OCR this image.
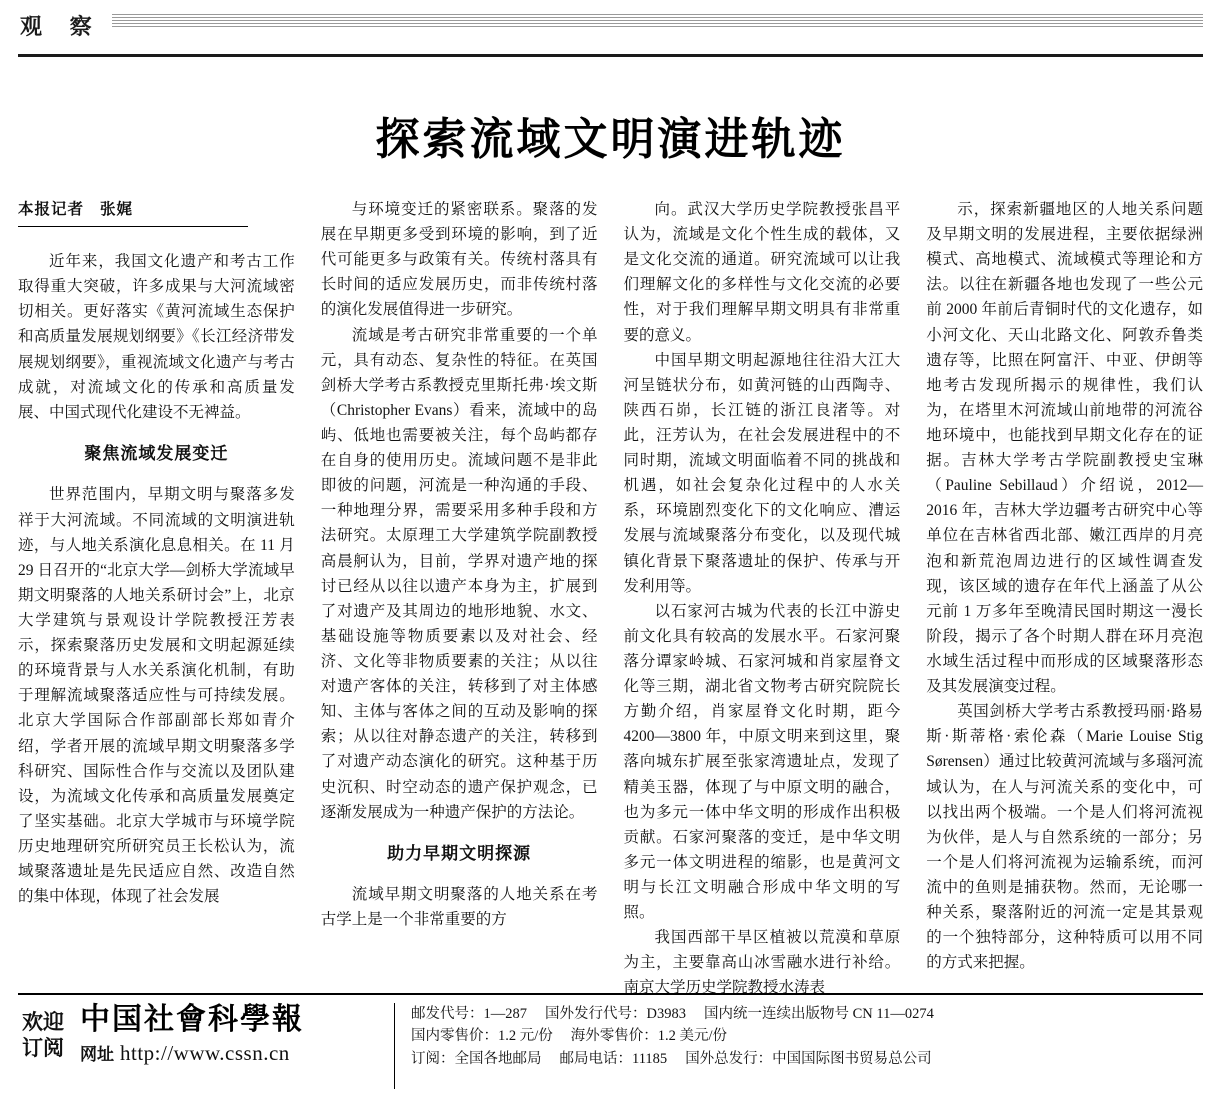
观 察
探索流域文明演进轨迹
本报记者 张娓

近年来，我国文化遗产和考古工作取得重大突破，许多成果与大河流域密切相关。更好落实《黄河流域生态保护和高质量发展规划纲要》《长江经济带发展规划纲要》，重视流域文化遗产与考古成就，对流域文化的传承和高质量发展、中国式现代化建设不无裨益。

聚焦流域发展变迁

世界范围内，早期文明与聚落多发祥于大河流域。不同流域的文明演进轨迹，与人地关系演化息息相关。在 11 月 29 日召开的“北京大学—剑桥大学流域早期文明聚落的人地关系研讨会”上，北京大学建筑与景观设计学院教授汪芳表示，探索聚落历史发展和文明起源延续的环境背景与人水关系演化机制，有助于理解流域聚落适应性与可持续发展。北京大学国际合作部副部长郑如青介绍，学者开展的流域早期文明聚落多学科研究、国际性合作与交流以及团队建设，为流域文化传承和高质量发展奠定了坚实基础。北京大学城市与环境学院历史地理研究所研究员王长松认为，流域聚落遗址是先民适应自然、改造自然的集中体现，体现了社会发展

与环境变迁的紧密联系。聚落的发展在早期更多受到环境的影响，到了近代可能更多与政策有关。传统村落具有长时间的适应发展历史，而非传统村落的演化发展值得进一步研究。

流域是考古研究非常重要的一个单元，具有动态、复杂性的特征。在英国剑桥大学考古系教授克里斯托弗·埃文斯（Christopher Evans）看来，流域中的岛屿、低地也需要被关注，每个岛屿都存在自身的使用历史。流域问题不是非此即彼的问题，河流是一种沟通的手段、一种地理分界，需要采用多种手段和方法研究。太原理工大学建筑学院副教授高晨舸认为，目前，学界对遗产地的探讨已经从以往以遗产本身为主，扩展到了对遗产及其周边的地形地貌、水文、基础设施等物质要素以及对社会、经济、文化等非物质要素的关注；从以往对遗产客体的关注，转移到了对主体感知、主体与客体之间的互动及影响的探索；从以往对静态遗产的关注，转移到了对遗产动态演化的研究。这种基于历史沉积、时空动态的遗产保护观念，已逐渐发展成为一种遗产保护的方法论。

助力早期文明探源

流域早期文明聚落的人地关系在考古学上是一个非常重要的方

向。武汉大学历史学院教授张昌平认为，流域是文化个性生成的载体，又是文化交流的通道。研究流域可以让我们理解文化的多样性与文化交流的必要性，对于我们理解早期文明具有非常重要的意义。

中国早期文明起源地往往沿大江大河呈链状分布，如黄河链的山西陶寺、陕西石峁，长江链的浙江良渚等。对此，汪芳认为，在社会发展进程中的不同时期，流域文明面临着不同的挑战和机遇，如社会复杂化过程中的人水关系，环境剧烈变化下的文化响应、漕运发展与流域聚落分布变化，以及现代城镇化背景下聚落遗址的保护、传承与开发利用等。

以石家河古城为代表的长江中游史前文化具有较高的发展水平。石家河聚落分谭家岭城、石家河城和肖家屋脊文化等三期，湖北省文物考古研究院院长方勤介绍，肖家屋脊文化时期，距今 4200—3800 年，中原文明来到这里，聚落向城东扩展至张家湾遗址点，发现了精美玉器，体现了与中原文明的融合，也为多元一体中华文明的形成作出积极贡献。石家河聚落的变迁，是中华文明多元一体文明进程的缩影，也是黄河文明与长江文明融合形成中华文明的写照。

我国西部干旱区植被以荒漠和草原为主，主要靠高山冰雪融水进行补给。南京大学历史学院教授水涛表

示，探索新疆地区的人地关系问题及早期文明的发展进程，主要依据绿洲模式、高地模式、流域模式等理论和方法。以往在新疆各地也发现了一些公元前 2000 年前后青铜时代的文化遗存，如小河文化、天山北路文化、阿敦乔鲁类遗存等，比照在阿富汗、中亚、伊朗等地考古发现所揭示的规律性，我们认为，在塔里木河流域山前地带的河流谷地环境中，也能找到早期文化存在的证据。吉林大学考古学院副教授史宝琳（Pauline Sebillaud）介绍说，2012—2016 年，吉林大学边疆考古研究中心等单位在吉林省西北部、嫩江西岸的月亮泡和新荒泡周边进行的区域性调查发现，该区域的遗存在年代上涵盖了从公元前 1 万多年至晚清民国时期这一漫长阶段，揭示了各个时期人群在环月亮泡水域生活过程中而形成的区域聚落形态及其发展演变过程。

英国剑桥大学考古系教授玛丽·路易斯·斯蒂格·索伦森（Marie Louise Stig Sørensen）通过比较黄河流域与多瑙河流域认为，在人与河流关系的变化中，可以找出两个极端。一个是人们将河流视为伙伴，是人与自然系统的一部分；另一个是人们将河流视为运输系统，而河流中的鱼则是捕获物。然而，无论哪一种关系，聚落附近的河流一定是其景观的一个独特部分，这种特质可以用不同的方式来把握。

欢迎
订阅
中国社會科學報
网址 http://www.cssn.cn
邮发代号：1—287 国外发行代号：D3983 国内统一连续出版物号 CN 11—0274
国内零售价：1.2 元/份 海外零售价：1.2 美元/份
订阅：全国各地邮局 邮局电话：11185 国外总发行：中国国际图书贸易总公司
